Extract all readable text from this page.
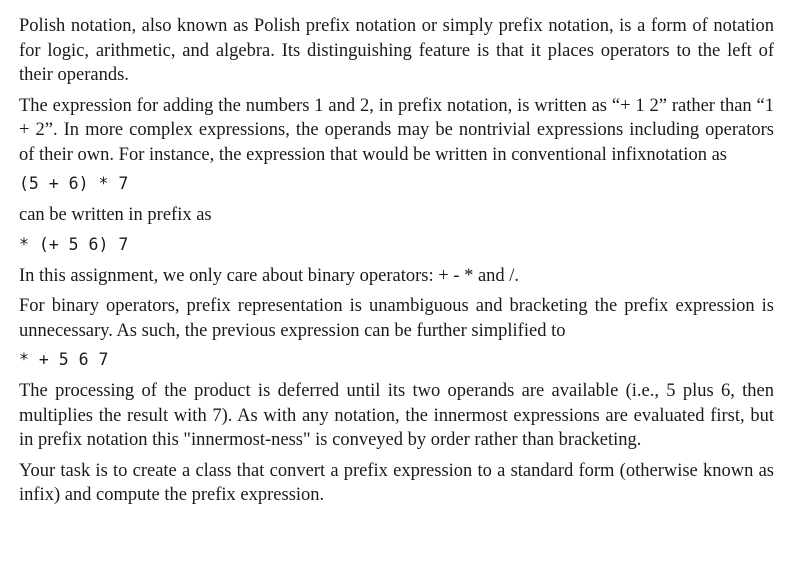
Polish notation, also known as Polish prefix notation or simply prefix notation, is a form of notation for logic, arithmetic, and algebra. Its distinguishing feature is that it places operators to the left of their operands.

The expression for adding the numbers 1 and 2, in prefix notation, is written as “+ 1 2” rather than “1 + 2”. In more complex expressions, the operands may be nontrivial expressions including operators of their own. For instance, the expression that would be written in conventional infixnotation as

(5 + 6) * 7

can be written in prefix as

* (+ 5 6) 7

In this assignment, we only care about binary operators: + - * and /.

For binary operators, prefix representation is unambiguous and bracketing the prefix expression is unnecessary. As such, the previous expression can be further simplified to

* + 5 6 7

The processing of the product is deferred until its two operands are available (i.e., 5 plus 6, then multiplies the result with 7). As with any notation, the innermost expressions are evaluated first, but in prefix notation this "innermost-ness" is conveyed by order rather than bracketing.

Your task is to create a class that convert a prefix expression to a standard form (otherwise known as infix) and compute the prefix expression.
